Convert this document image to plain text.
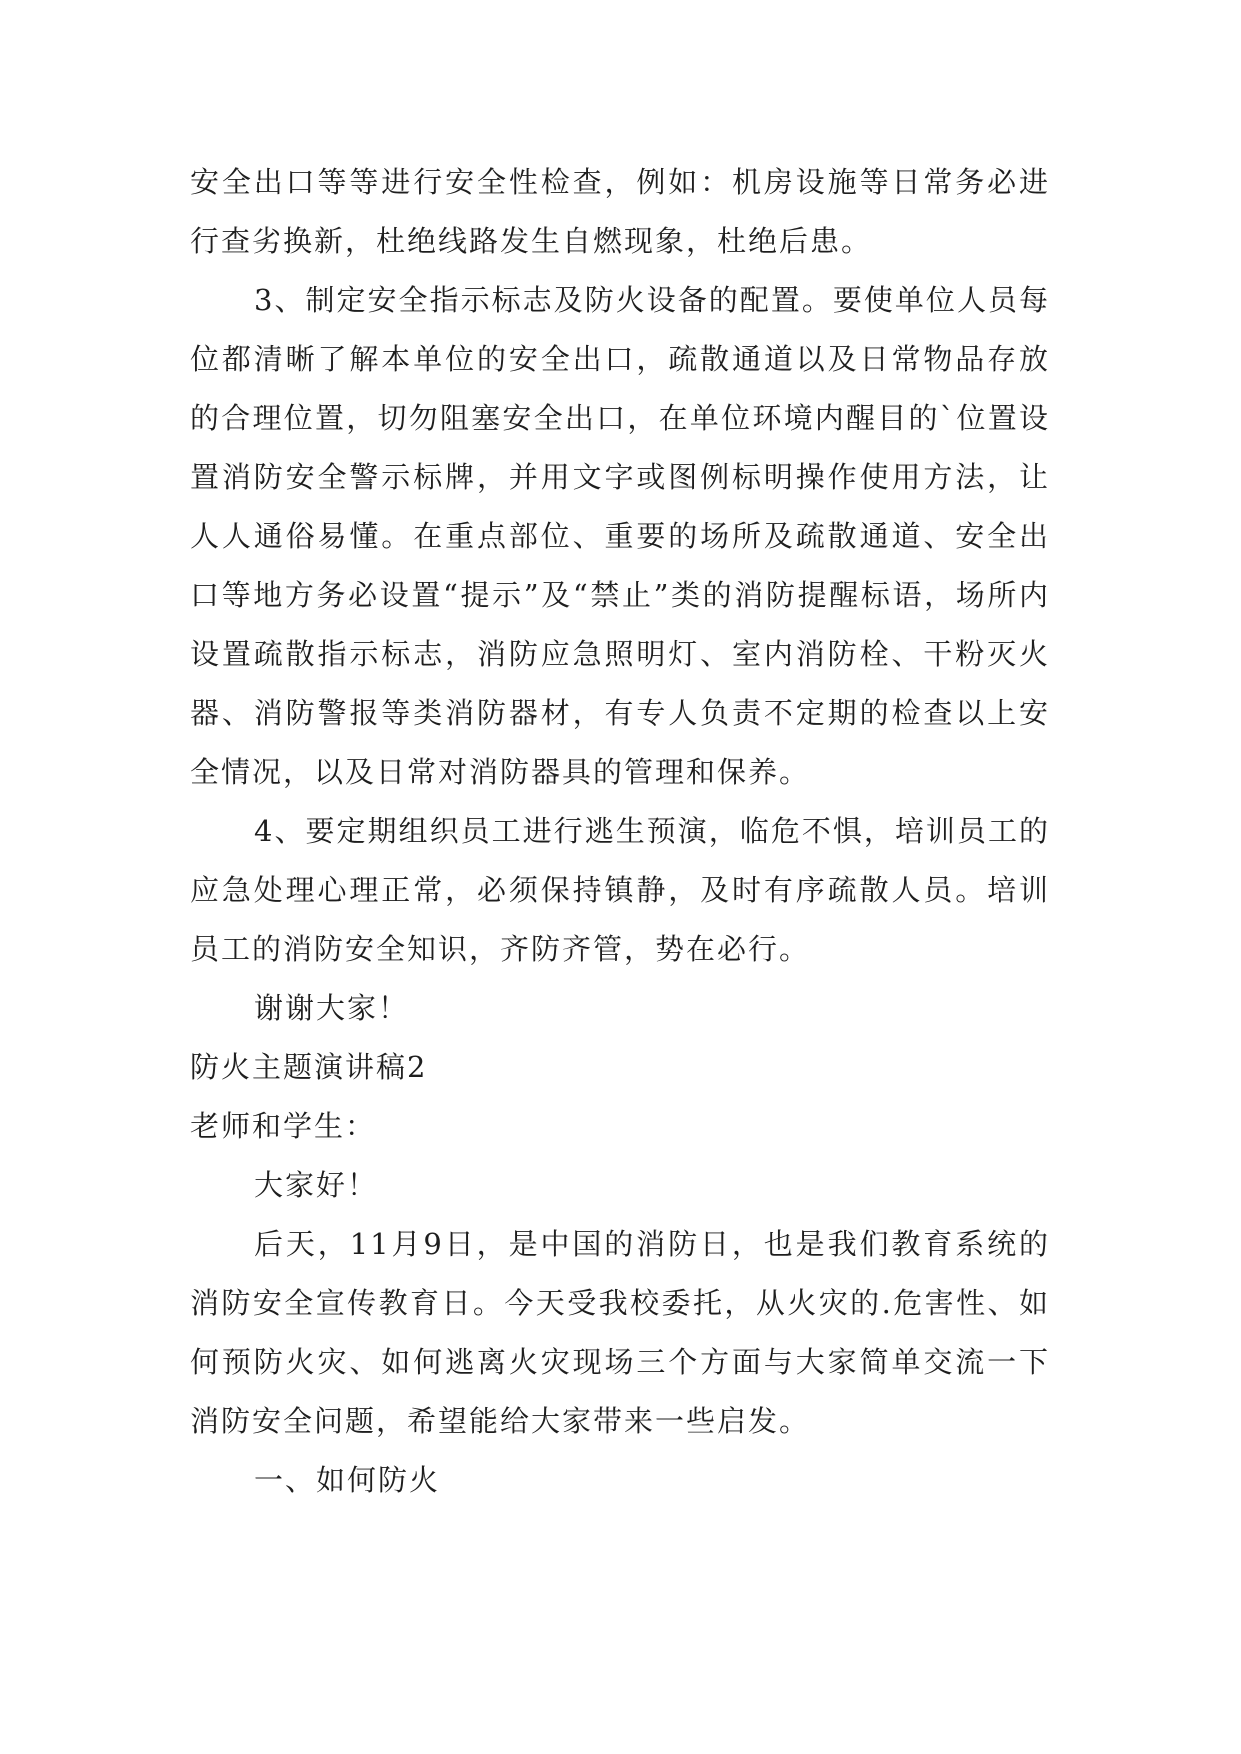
安全出口等等进行安全性检查，例如：机房设施等日常务必进行查劣换新，杜绝线路发生自燃现象，杜绝后患。

3、制定安全指示标志及防火设备的配置。要使单位人员每位都清晰了解本单位的安全出口，疏散通道以及日常物品存放的合理位置，切勿阻塞安全出口，在单位环境内醒目的`位置设置消防安全警示标牌，并用文字或图例标明操作使用方法，让人人通俗易懂。在重点部位、重要的场所及疏散通道、安全出口等地方务必设置“提示”及“禁止”类的消防提醒标语，场所内设置疏散指示标志，消防应急照明灯、室内消防栓、干粉灭火器、消防警报等类消防器材，有专人负责不定期的检查以上安全情况，以及日常对消防器具的管理和保养。

4、要定期组织员工进行逃生预演，临危不惧，培训员工的应急处理心理正常，必须保持镇静，及时有序疏散人员。培训员工的消防安全知识，齐防齐管，势在必行。

谢谢大家！

防火主题演讲稿2

老师和学生：

大家好！

后天，11月9日，是中国的消防日，也是我们教育系统的消防安全宣传教育日。今天受我校委托，从火灾的.危害性、如何预防火灾、如何逃离火灾现场三个方面与大家简单交流一下消防安全问题，希望能给大家带来一些启发。

一、如何防火
